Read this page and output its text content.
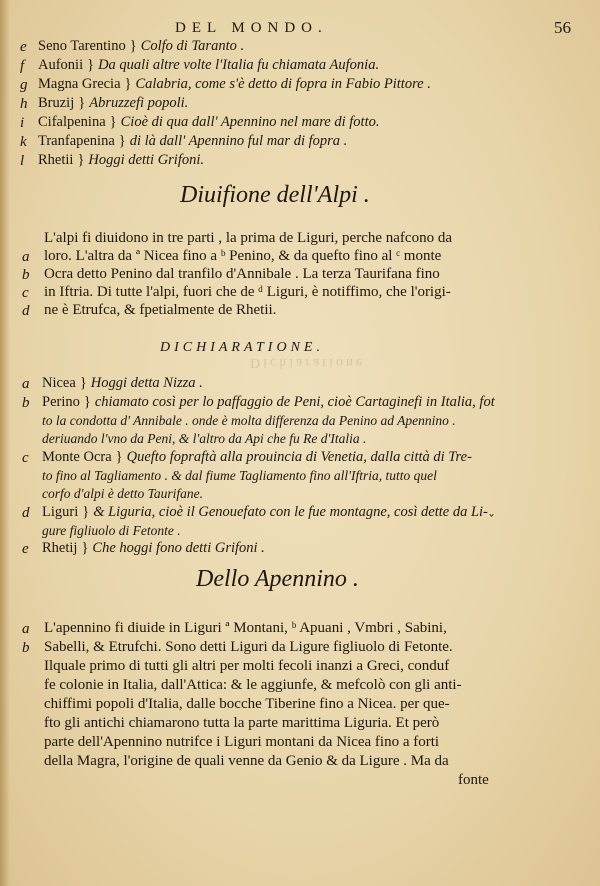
DEL MONDO.	56
e Seno Tarentino } Colfo di Taranto .
f Aufonii } Da quali altre volte l'Italia fu chiamata Aufonia.
g Magna Grecia } Calabria, come s'è detto di fopra in Fabio Pittore .
h Bruzij } Abruzzefi popoli.
i Cifalpenina } Cioè di qua dall' Apennino nel mare di fotto.
k Tranfapenina } di là dall' Apennino ful mar di fopra .
l Rhetii } Hoggi detti Grifoni.
Diuifione dell'Alpi .
L'alpi fi diuidono in tre parti , la prima de Liguri, perche nafcono da
a loro. L'altra da ª Nicea fino a ᵇ Penino, & da quefto fino al ᶜ monte
b Ocra detto Penino dal tranfilo d'Annibale . La terza Taurifana fino
c in Iftria. Di tutte l'alpi, fuori che de ᵈ Liguri, è notiffimo, che l'origi-
d ne è Etrufca, & fpetialmente de Rhetii.
DICHIARATIONE.
Dichiaratione
a Nicea } Hoggi detta Nizza .
b Perino } chiamato così per lo paffaggio de Peni, cioè Cartaginefi in Italia, fot
to la condotta d' Annibale . onde è molta differenza da Penino ad Apennino .
deriuando l'vno da Peni, & l'altro da Api che fu Re d'Italia .
c Monte Ocra } Quefto fopraftà alla prouincia di Venetia, dalla città di Tre-
to fino al Tagliamento . & dal fiume Tagliamento fino all'Iftria, tutto quel
corfo d'alpi è detto Taurifane.
d Liguri } & Liguria, cioè il Genouefato con le fue montagne, così dette da Li-
gure figliuolo di Fetonte .
ˇ
e Rhetij } Che hoggi fono detti Grifoni .
Dello Apennino .
a L'apennino fi diuide in Liguri ª Montani, ᵇ Apuani , Vmbri , Sabini,
b Sabelli, & Etrufchi. Sono detti Liguri da Ligure figliuolo di Fetonte.
Ilquale primo di tutti gli altri per molti fecoli inanzi a Greci, conduf
fe colonie in Italia, dall'Attica: & le aggiunfe, & mefcolò con gli anti-
chiffimi popoli d'Italia, dalle bocche Tiberine fino a Nicea. per que-
fto gli antichi chiamarono tutta la parte marittima Liguria. Et però
parte dell'Apennino nutrifce i Liguri montani da Nicea fino a forti
della Magra, l'origine de quali venne da Genio & da Ligure . Ma da
fonte
